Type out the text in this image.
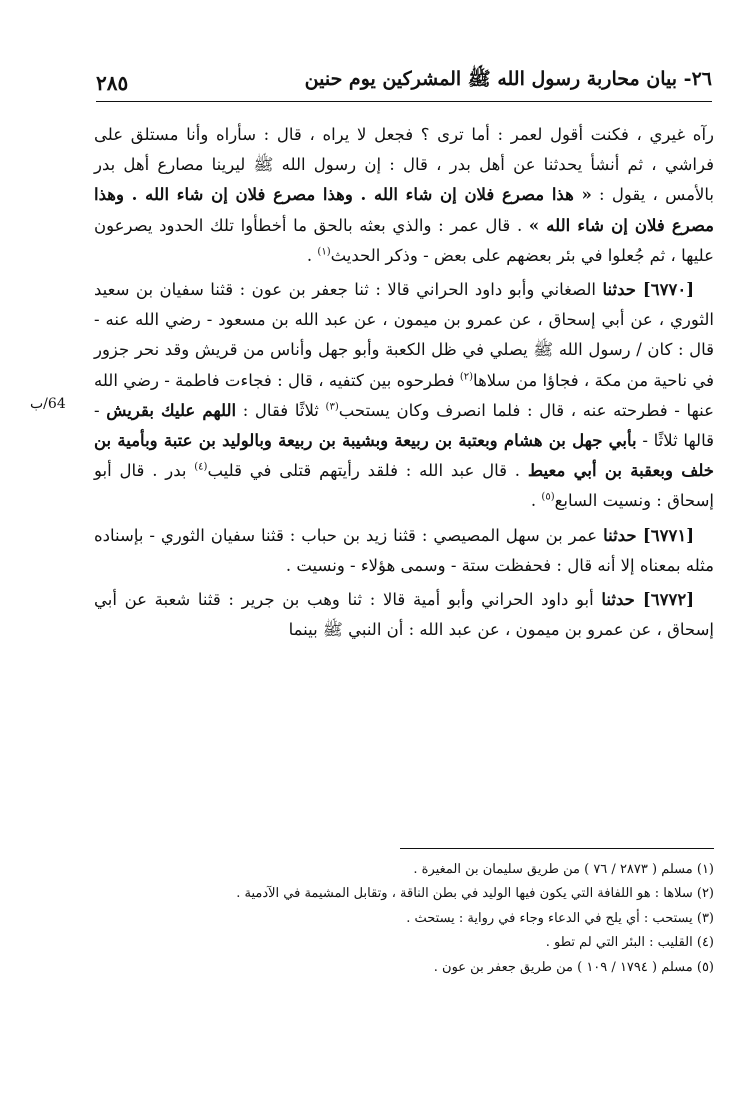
٢٦- بيان محاربة رسول الله ﷺ المشركين يوم حنين
٢٨٥
64/ب

رآه غيري ، فكنت أقول لعمر : أما ترى ؟ فجعل لا يراه ، قال : سأراه وأنا مستلق على فراشي ، ثم أنشأ يحدثنا عن أهل بدر ، قال : إن رسول الله ﷺ ليرينا مصارع أهل بدر بالأمس ، يقول : « هذا مصرع فلان إن شاء الله . وهذا مصرع فلان إن شاء الله . وهذا مصرع فلان إن شاء الله » . قال عمر : والذي بعثه بالحق ما أخطأوا تلك الحدود يصرعون عليها ، ثم جُعلوا في بئر بعضهم على بعض - وذكر الحديث$^{(١)}$ .

[٦٧٧٠] حدثنا الصغاني وأبو داود الحراني قالا : ثنا جعفر بن عون : قثنا سفيان بن سعيد الثوري ، عن أبي إسحاق ، عن عمرو بن ميمون ، عن عبد الله بن مسعود - رضي الله عنه - قال : كان / رسول الله ﷺ يصلي في ظل الكعبة وأبو جهل وأناس من قريش وقد نحر جزور في ناحية من مكة ، فجاؤا من سلاها$^{(٢)}$ فطرحوه بين كتفيه ، قال : فجاءت فاطمة - رضي الله عنها - فطرحته عنه ، قال : فلما انصرف وكان يستحب$^{(٣)}$ ثلاثًا فقال : اللهم عليك بقريش - قالها ثلاثًا - بأبي جهل بن هشام وبعتبة بن ربيعة وبشيبة بن ربيعة وبالوليد بن عتبة وبأمية بن خلف وبعقبة بن أبي معيط . قال عبد الله : فلقد رأيتهم قتلى في قليب$^{(٤)}$ بدر . قال أبو إسحاق : ونسيت السابع$^{(٥)}$ .

[٦٧٧١] حدثنا عمر بن سهل المصيصي : قثنا زيد بن حباب : قثنا سفيان الثوري - بإسناده مثله بمعناه إلا أنه قال : فحفظت ستة - وسمى هؤلاء - ونسيت .

[٦٧٧٢] حدثنا أبو داود الحراني وأبو أمية قالا : ثنا وهب بن جرير : قثنا شعبة عن أبي إسحاق ، عن عمرو بن ميمون ، عن عبد الله : أن النبي ﷺ بينما

(١) مسلم ( ٢٨٧٣ / ٧٦ ) من طريق سليمان بن المغيرة .
(٢) سلاها : هو اللفافة التي يكون فيها الوليد في بطن الناقة ، وتقابل المشيمة في الآدمية .
(٣) يستحب : أي يلح في الدعاء وجاء في رواية : يستحث .
(٤) القليب : البئر التي لم تطو .
(٥) مسلم ( ١٧٩٤ / ١٠٩ ) من طريق جعفر بن عون .
